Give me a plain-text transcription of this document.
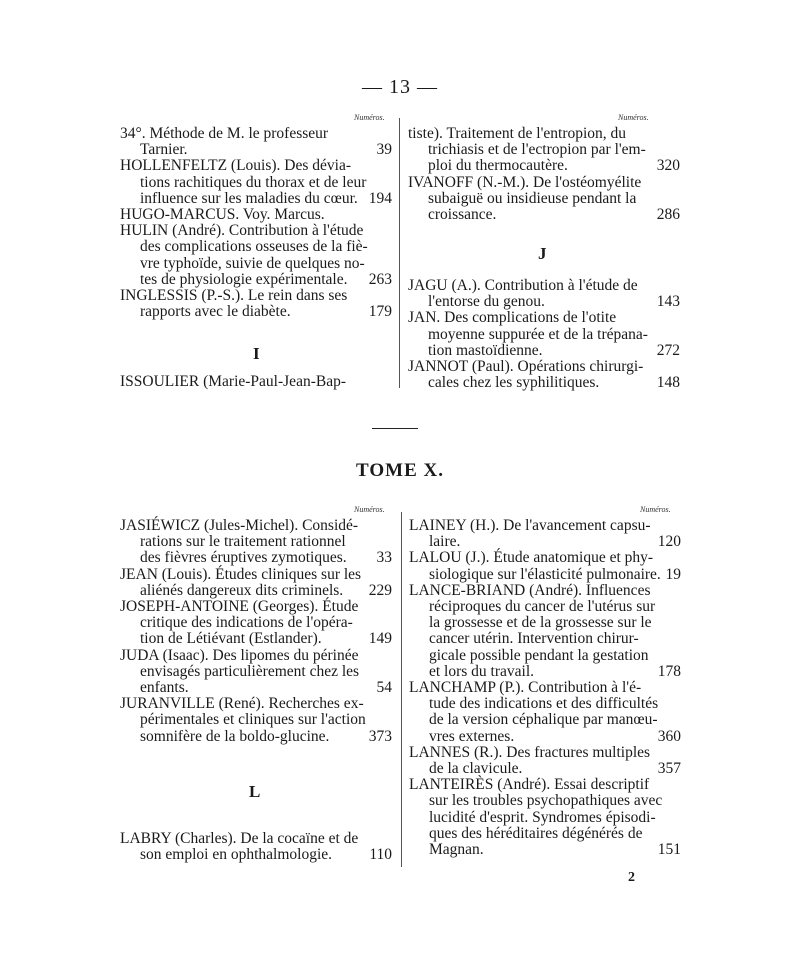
— 13 —
Numéros.	Numéros.
34°. Méthode de M. le professeur
Tarnier.	39
HOLLENFELTZ (Louis). Des dévia-
tions rachitiques du thorax et de leur
influence sur les maladies du cœur. 194
HUGO-MARCUS. Voy. Marcus.
HULIN (André). Contribution à l'étude
des complications osseuses de la fiè-
vre typhoïde, suivie de quelques no-
tes de physiologie expérimentale.	263
INGLESSIS (P.-S.). Le rein dans ses
rapports avec le diabète.	179
I
ISSOULIER (Marie-Paul-Jean-Bap-
tiste). Traitement de l'entropion, du
trichiasis et de l'ectropion par l'em-
ploi du thermocautère.	320
IVANOFF (N.-M.). De l'ostéomyélite
subaiguë ou insidieuse pendant la
croissance.	286
J
JAGU (A.). Contribution à l'étude de
l'entorse du genou.	143
JAN. Des complications de l'otite
moyenne suppurée et de la trépana-
tion mastoïdienne.	272
JANNOT (Paul). Opérations chirurgi-
cales chez les syphilitiques.	148
TOME X.
Numéros.	Numéros.
JASIÉWICZ (Jules-Michel). Considé-
rations sur le traitement rationnel
des fièvres éruptives zymotiques.	33
JEAN (Louis). Études cliniques sur les
aliénés dangereux dits criminels.	229
JOSEPH-ANTOINE (Georges). Étude
critique des indications de l'opéra-
tion de Létiévant (Estlander).	149
JUDA (Isaac). Des lipomes du périnée
envisagés particulièrement chez les
enfants.	54
JURANVILLE (René). Recherches ex-
périmentales et cliniques sur l'action
somnifère de la boldo-glucine.	373
L
LABRY (Charles). De la cocaïne et de
son emploi en ophthalmologie.	110
LAINEY (H.). De l'avancement capsu-
laire.	120
LALOU (J.). Étude anatomique et phy-
siologique sur l'élasticité pulmonaire. 19
LANCE-BRIAND (André). Influences
réciproques du cancer de l'utérus sur
la grossesse et de la grossesse sur le
cancer utérin. Intervention chirur-
gicale possible pendant la gestation
et lors du travail.	178
LANCHAMP (P.). Contribution à l'é-
tude des indications et des difficultés
de la version céphalique par manœu-
vres externes.	360
LANNES (R.). Des fractures multiples
de la clavicule.	357
LANTEIRÈS (André). Essai descriptif
sur les troubles psychopathiques avec
lucidité d'esprit. Syndromes épisodi-
ques des héréditaires dégénérés de
Magnan.	151
2
